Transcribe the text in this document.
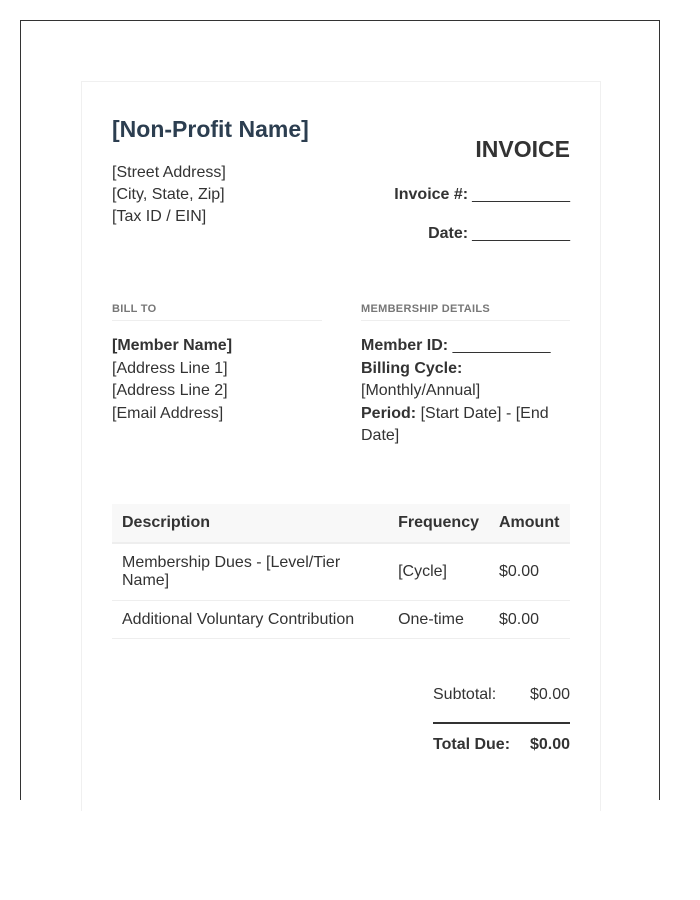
[Non-Profit Name]
[Street Address]
[City, State, Zip]
[Tax ID / EIN]
INVOICE
Invoice #: ___________
Date: ___________
BILL TO	MEMBERSHIP DETAILS
[Member Name]
[Address Line 1]
[Address Line 2]
[Email Address]
Member ID: ___________
Billing Cycle:
[Monthly/Annual]
Period: [Start Date] - [End Date]
Description	Frequency	Amount
Membership Dues - [Level/Tier Name]	[Cycle]	$0.00
Additional Voluntary Contribution	One-time	$0.00
Subtotal: $0.00
Total Due: $0.00
